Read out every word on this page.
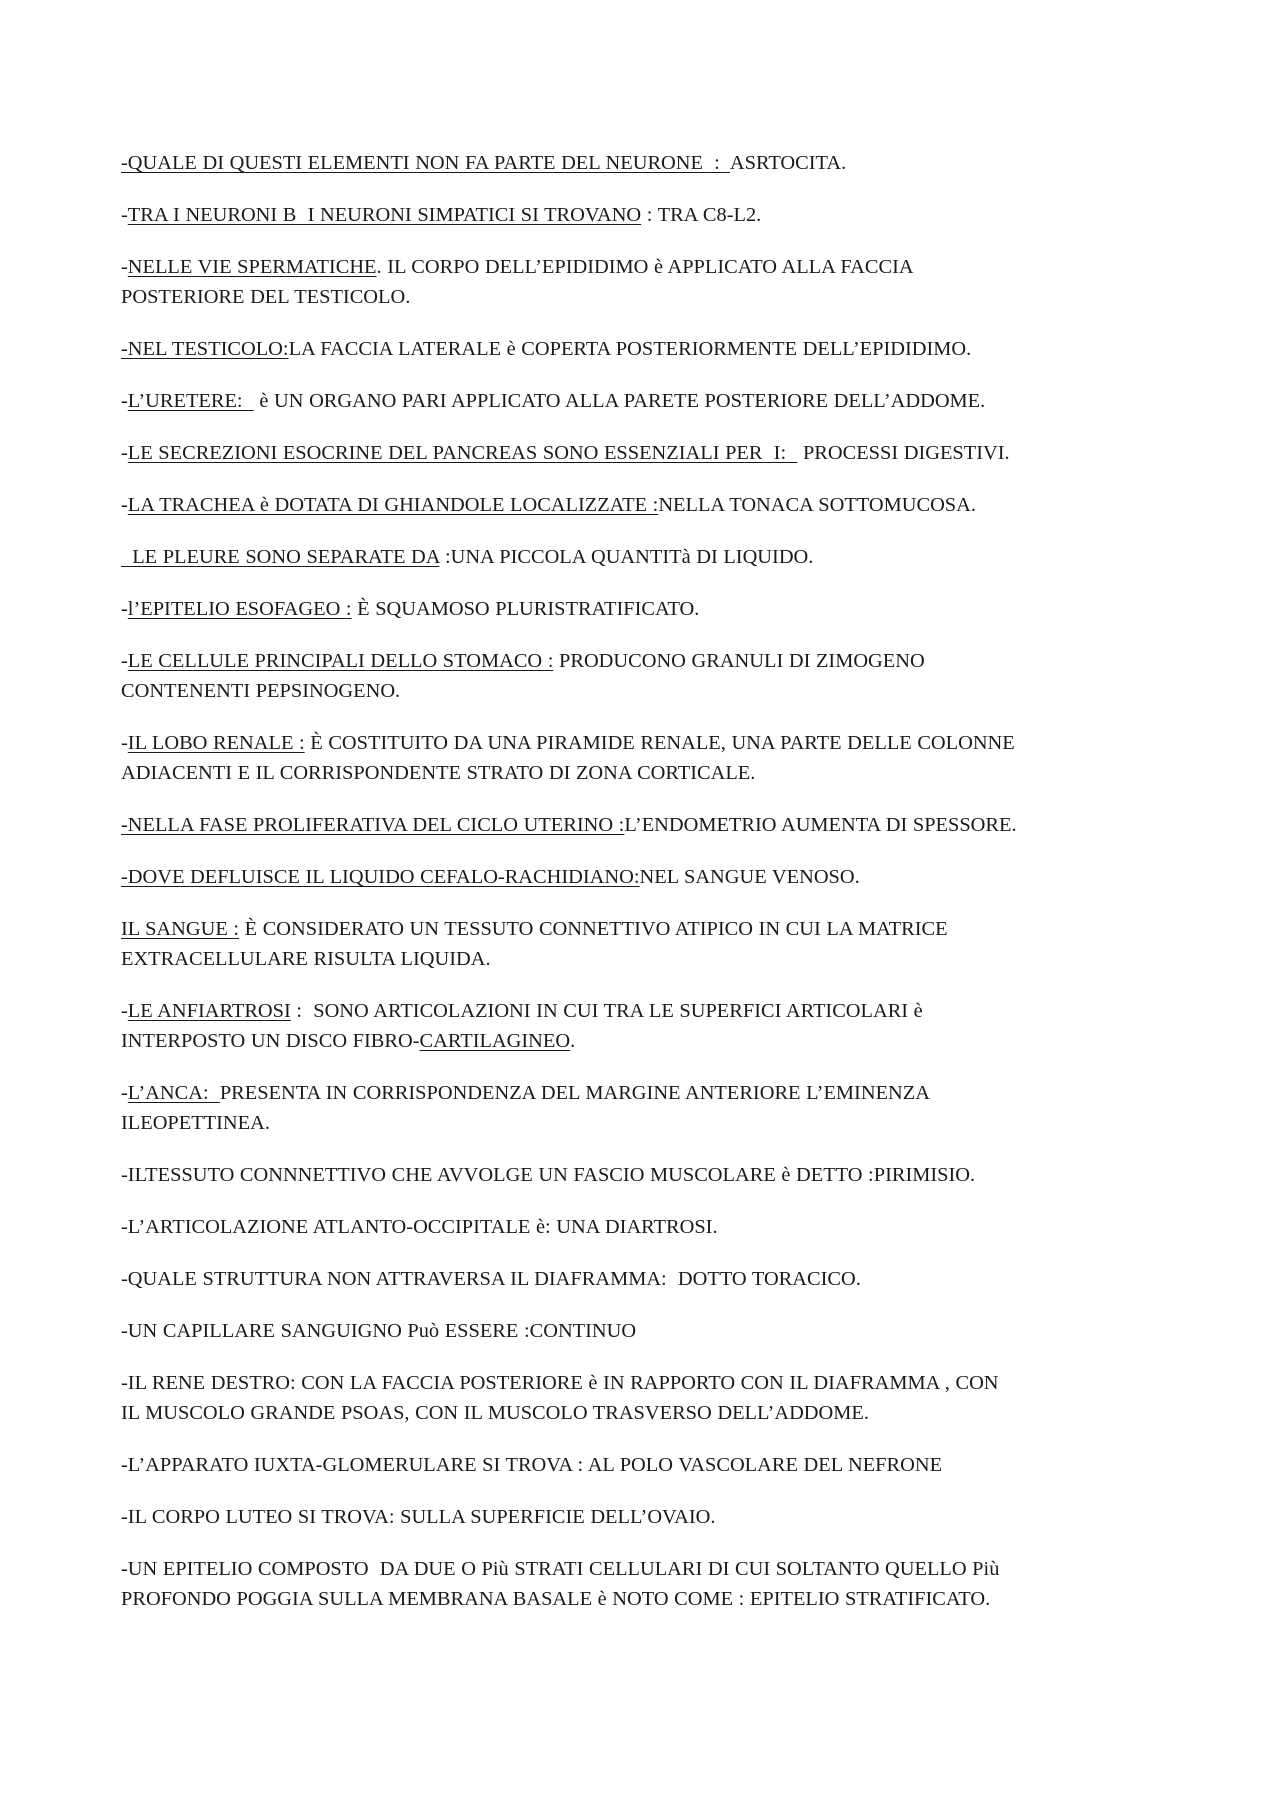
-QUALE DI QUESTI ELEMENTI NON FA PARTE DEL NEURONE  :  ASRTOCITA.

-TRA I NEURONI B  I NEURONI SIMPATICI SI TROVANO : TRA C8-L2.

-NELLE VIE SPERMATICHE. IL CORPO DELL’EPIDIDIMO è APPLICATO ALLA FACCIA
POSTERIORE DEL TESTICOLO.

-NEL TESTICOLO:LA FACCIA LATERALE è COPERTA POSTERIORMENTE DELL’EPIDIDIMO.

-L’URETERE:   è UN ORGANO PARI APPLICATO ALLA PARETE POSTERIORE DELL’ADDOME.

-LE SECREZIONI ESOCRINE DEL PANCREAS SONO ESSENZIALI PER  I:   PROCESSI DIGESTIVI.

-LA TRACHEA è DOTATA DI GHIANDOLE LOCALIZZATE :NELLA TONACA SOTTOMUCOSA.

LE PLEURE SONO SEPARATE DA :UNA PICCOLA QUANTITà DI LIQUIDO.

-l’EPITELIO ESOFAGEO : È SQUAMOSO PLURISTRATIFICATO.

-LE CELLULE PRINCIPALI DELLO STOMACO : PRODUCONO GRANULI DI ZIMOGENO
CONTENENTI PEPSINOGENO.

-IL LOBO RENALE : È COSTITUITO DA UNA PIRAMIDE RENALE, UNA PARTE DELLE COLONNE
ADIACENTI E IL CORRISPONDENTE STRATO DI ZONA CORTICALE.

-NELLA FASE PROLIFERATIVA DEL CICLO UTERINO :L’ENDOMETRIO AUMENTA DI SPESSORE.

-DOVE DEFLUISCE IL LIQUIDO CEFALO-RACHIDIANO:NEL SANGUE VENOSO.

IL SANGUE : È CONSIDERATO UN TESSUTO CONNETTIVO ATIPICO IN CUI LA MATRICE
EXTRACELLULARE RISULTA LIQUIDA.

-LE ANFIARTROSI :  SONO ARTICOLAZIONI IN CUI TRA LE SUPERFICI ARTICOLARI è
INTERPOSTO UN DISCO FIBRO-CARTILAGINEO.

-L’ANCA:  PRESENTA IN CORRISPONDENZA DEL MARGINE ANTERIORE L’EMINENZA
ILEOPETTINEA.

-ILTESSUTO CONNNETTIVO CHE AVVOLGE UN FASCIO MUSCOLARE è DETTO :PIRIMISIO.

-L’ARTICOLAZIONE ATLANTO-OCCIPITALE è: UNA DIARTROSI.

-QUALE STRUTTURA NON ATTRAVERSA IL DIAFRAMMA:  DOTTO TORACICO.

-UN CAPILLARE SANGUIGNO Può ESSERE :CONTINUO

-IL RENE DESTRO: CON LA FACCIA POSTERIORE è IN RAPPORTO CON IL DIAFRAMMA , CON
IL MUSCOLO GRANDE PSOAS, CON IL MUSCOLO TRASVERSO DELL’ADDOME.

-L’APPARATO IUXTA-GLOMERULARE SI TROVA : AL POLO VASCOLARE DEL NEFRONE

-IL CORPO LUTEO SI TROVA: SULLA SUPERFICIE DELL’OVAIO.

-UN EPITELIO COMPOSTO  DA DUE O Più STRATI CELLULARI DI CUI SOLTANTO QUELLO Più
PROFONDO POGGIA SULLA MEMBRANA BASALE è NOTO COME : EPITELIO STRATIFICATO.
